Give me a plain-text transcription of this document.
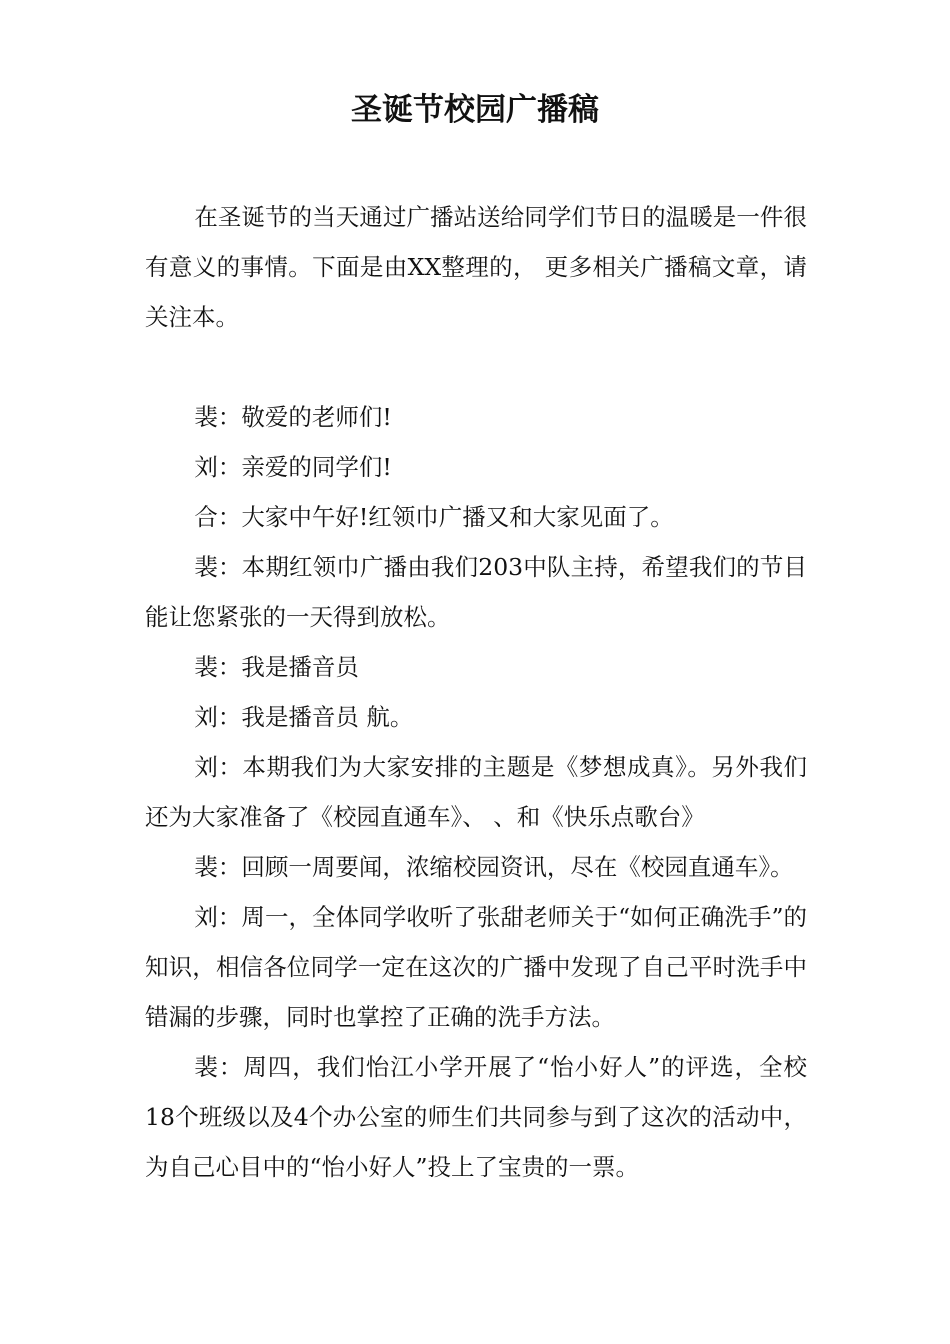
圣诞节校园广播稿

在圣诞节的当天通过广播站送给同学们节日的温暖是一件很有意义的事情。下面是由XX整理的， 更多相关广播稿文章，请关注本。

裴：敬爱的老师们!

刘：亲爱的同学们!

合：大家中午好!红领巾广播又和大家见面了。

裴：本期红领巾广播由我们203中队主持，希望我们的节目能让您紧张的一天得到放松。

裴：我是播音员

刘：我是播音员 航。

刘：本期我们为大家安排的主题是《梦想成真》。另外我们还为大家准备了《校园直通车》、 、和《快乐点歌台》

裴：回顾一周要闻，浓缩校园资讯，尽在《校园直通车》。

刘：周一，全体同学收听了张甜老师关于“如何正确洗手”的知识，相信各位同学一定在这次的广播中发现了自己平时洗手中错漏的步骤，同时也掌控了正确的洗手方法。

裴：周四，我们怡江小学开展了“怡小好人”的评选，全校18个班级以及4个办公室的师生们共同参与到了这次的活动中，为自己心目中的“怡小好人”投上了宝贵的一票。
